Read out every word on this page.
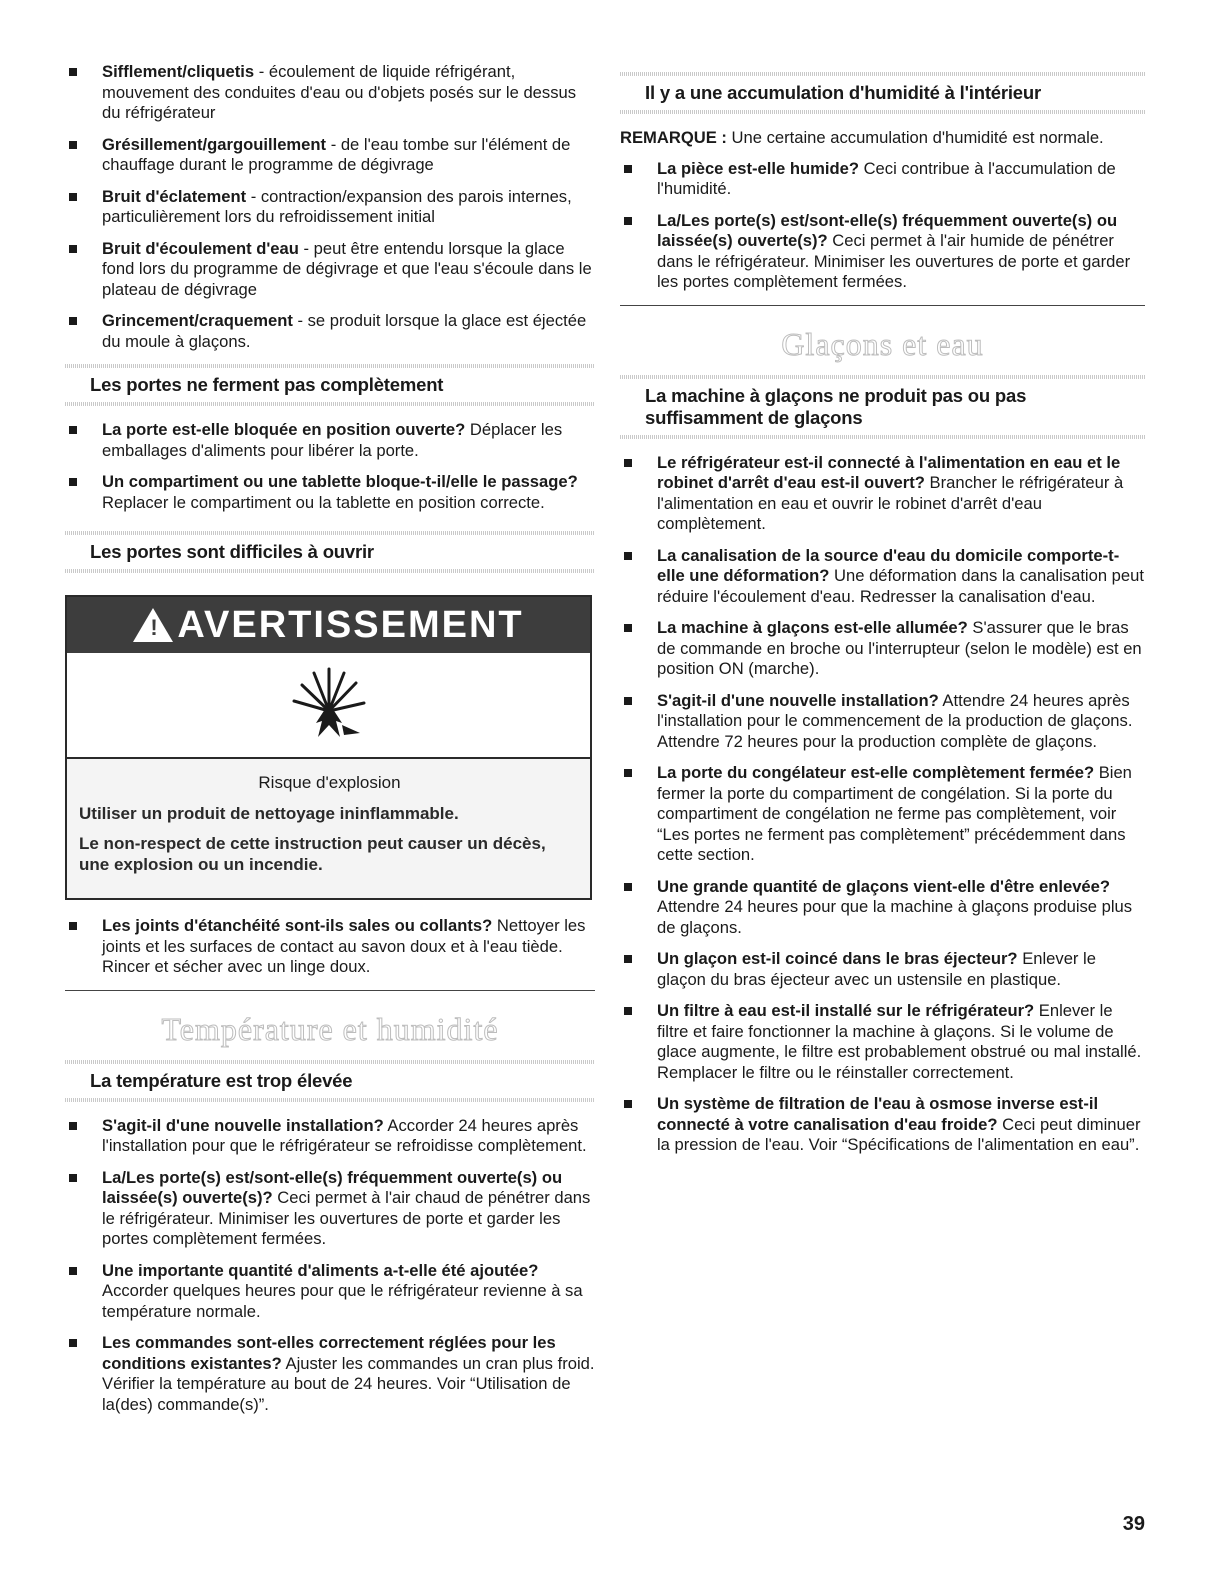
Sifflement/cliquetis - écoulement de liquide réfrigérant, mouvement des conduites d'eau ou d'objets posés sur le dessus du réfrigérateur
Grésillement/gargouillement - de l'eau tombe sur l'élément de chauffage durant le programme de dégivrage
Bruit d'éclatement - contraction/expansion des parois internes, particulièrement lors du refroidissement initial
Bruit d'écoulement d'eau - peut être entendu lorsque la glace fond lors du programme de dégivrage et que l'eau s'écoule dans le plateau de dégivrage
Grincement/craquement - se produit lorsque la glace est éjectée du moule à glaçons.
Les portes ne ferment pas complètement
La porte est-elle bloquée en position ouverte? Déplacer les emballages d'aliments pour libérer la porte.
Un compartiment ou une tablette bloque-t-il/elle le passage? Replacer le compartiment ou la tablette en position correcte.
Les portes sont difficiles à ouvrir
! AVERTISSEMENT
Risque d'explosion
Utiliser un produit de nettoyage ininflammable.
Le non-respect de cette instruction peut causer un décès, une explosion ou un incendie.
Les joints d'étanchéité sont-ils sales ou collants? Nettoyer les joints et les surfaces de contact au savon doux et à l'eau tiède. Rincer et sécher avec un linge doux.
Température et humidité
La température est trop élevée
S'agit-il d'une nouvelle installation? Accorder 24 heures après l'installation pour que le réfrigérateur se refroidisse complètement.
La/Les porte(s) est/sont-elle(s) fréquemment ouverte(s) ou laissée(s) ouverte(s)? Ceci permet à l'air chaud de pénétrer dans le réfrigérateur. Minimiser les ouvertures de porte et garder les portes complètement fermées.
Une importante quantité d'aliments a-t-elle été ajoutée? Accorder quelques heures pour que le réfrigérateur revienne à sa température normale.
Les commandes sont-elles correctement réglées pour les conditions existantes? Ajuster les commandes un cran plus froid. Vérifier la température au bout de 24 heures. Voir “Utilisation de la(des) commande(s)”.
Il y a une accumulation d'humidité à l'intérieur

REMARQUE : Une certaine accumulation d'humidité est normale.

La pièce est-elle humide? Ceci contribue à l'accumulation de l'humidité.
La/Les porte(s) est/sont-elle(s) fréquemment ouverte(s) ou laissée(s) ouverte(s)? Ceci permet à l'air humide de pénétrer dans le réfrigérateur. Minimiser les ouvertures de porte et garder les portes complètement fermées.
Glaçons et eau
La machine à glaçons ne produit pas ou pas suffisamment de glaçons
Le réfrigérateur est-il connecté à l'alimentation en eau et le robinet d'arrêt d'eau est-il ouvert? Brancher le réfrigérateur à l'alimentation en eau et ouvrir le robinet d'arrêt d'eau complètement.
La canalisation de la source d'eau du domicile comporte-t-elle une déformation? Une déformation dans la canalisation peut réduire l'écoulement d'eau. Redresser la canalisation d'eau.
La machine à glaçons est-elle allumée? S'assurer que le bras de commande en broche ou l'interrupteur (selon le modèle) est en position ON (marche).
S'agit-il d'une nouvelle installation? Attendre 24 heures après l'installation pour le commencement de la production de glaçons. Attendre 72 heures pour la production complète de glaçons.
La porte du congélateur est-elle complètement fermée? Bien fermer la porte du compartiment de congélation. Si la porte du compartiment de congélation ne ferme pas complètement, voir “Les portes ne ferment pas complètement” précédemment dans cette section.
Une grande quantité de glaçons vient-elle d'être enlevée? Attendre 24 heures pour que la machine à glaçons produise plus de glaçons.
Un glaçon est-il coincé dans le bras éjecteur? Enlever le glaçon du bras éjecteur avec un ustensile en plastique.
Un filtre à eau est-il installé sur le réfrigérateur? Enlever le filtre et faire fonctionner la machine à glaçons. Si le volume de glace augmente, le filtre est probablement obstrué ou mal installé. Remplacer le filtre ou le réinstaller correctement.
Un système de filtration de l'eau à osmose inverse est-il connecté à votre canalisation d'eau froide? Ceci peut diminuer la pression de l'eau. Voir “Spécifications de l'alimentation en eau”.
39
